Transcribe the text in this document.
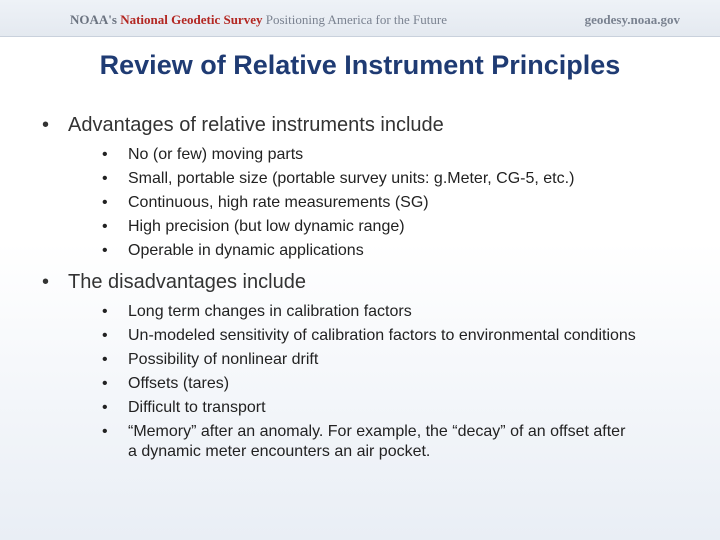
NOAA's National Geodetic Survey Positioning America for the Future	geodesy.noaa.gov
Review of Relative Instrument Principles
• Advantages of relative instruments include
• No (or few) moving parts
• Small, portable size (portable survey units: g.Meter, CG-5, etc.)
• Continuous, high rate measurements (SG)
• High precision (but low dynamic range)
• Operable in dynamic applications
• The disadvantages include
• Long term changes in calibration factors
• Un-modeled sensitivity of calibration factors to environmental conditions
• Possibility of nonlinear drift
• Offsets (tares)
• Difficult to transport
• “Memory” after an anomaly. For example, the “decay” of an offset after
a dynamic meter encounters an air pocket.
